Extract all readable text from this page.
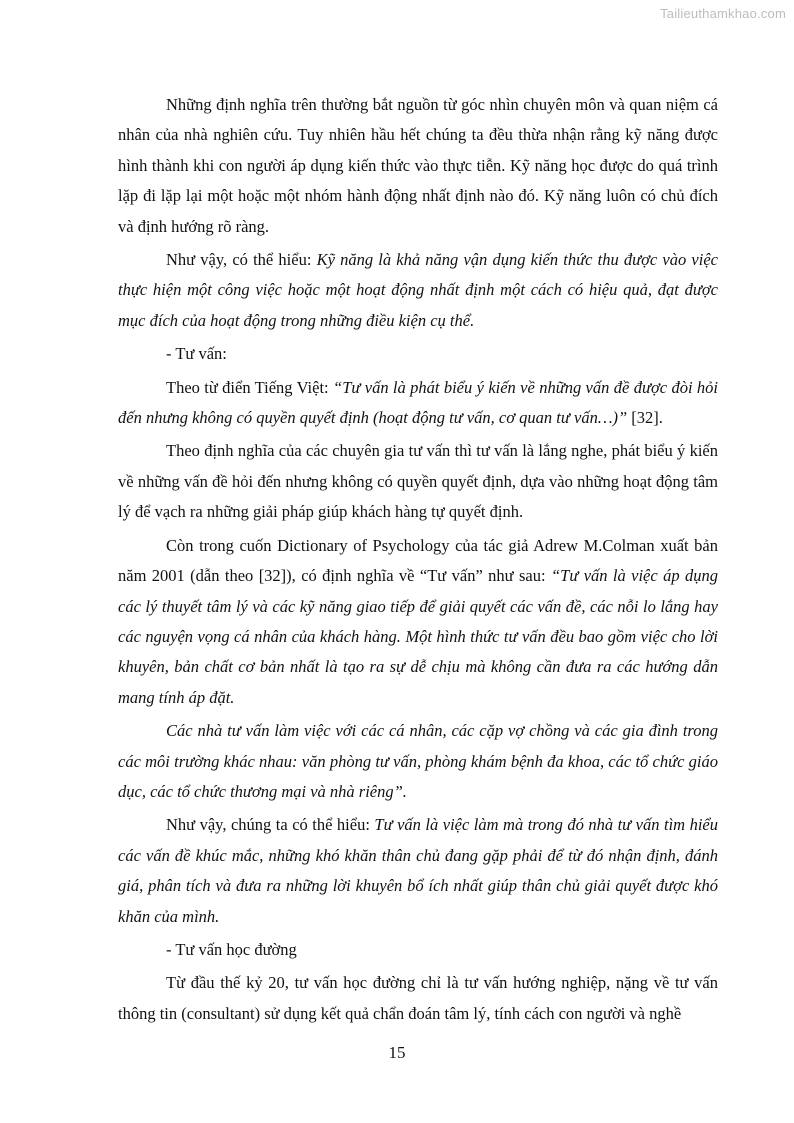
Tailieuthamkhao.com

Những định nghĩa trên thường bắt nguồn từ góc nhìn chuyên môn và quan niệm cá nhân của nhà nghiên cứu. Tuy nhiên hầu hết chúng ta đều thừa nhận rằng kỹ năng được hình thành khi con người áp dụng kiến thức vào thực tiễn. Kỹ năng học được do quá trình lặp đi lặp lại một hoặc một nhóm hành động nhất định nào đó. Kỹ năng luôn có chủ đích và định hướng rõ ràng.

Như vậy, có thể hiểu: Kỹ năng là khả năng vận dụng kiến thức thu được vào việc thực hiện một công việc hoặc một hoạt động nhất định một cách có hiệu quả, đạt được mục đích của hoạt động trong những điều kiện cụ thể.

- Tư vấn:

Theo từ điển Tiếng Việt: “Tư vấn là phát biểu ý kiến về những vấn đề được đòi hỏi đến nhưng không có quyền quyết định (hoạt động tư vấn, cơ quan tư vấn…)” [32].

Theo định nghĩa của các chuyên gia tư vấn thì tư vấn là lắng nghe, phát biểu ý kiến về những vấn đề hỏi đến nhưng không có quyền quyết định, dựa vào những hoạt động tâm lý để vạch ra những giải pháp giúp khách hàng tự quyết định.

Còn trong cuốn Dictionary of Psychology của tác giả Adrew M.Colman xuất bản năm 2001 (dẫn theo [32]), có định nghĩa về “Tư vấn” như sau: “Tư vấn là việc áp dụng các lý thuyết tâm lý và các kỹ năng giao tiếp để giải quyết các vấn đề, các nỗi lo lắng hay các nguyện vọng cá nhân của khách hàng. Một hình thức tư vấn đều bao gồm việc cho lời khuyên, bản chất cơ bản nhất là tạo ra sự dễ chịu mà không cần đưa ra các hướng dẫn mang tính áp đặt.

Các nhà tư vấn làm việc với các cá nhân, các cặp vợ chồng và các gia đình trong các môi trường khác nhau: văn phòng tư vấn, phòng khám bệnh đa khoa, các tổ chức giáo dục, các tổ chức thương mại và nhà riêng”.

Như vậy, chúng ta có thể hiểu: Tư vấn là việc làm mà trong đó nhà tư vấn tìm hiểu các vấn đề khúc mắc, những khó khăn thân chủ đang gặp phải để từ đó nhận định, đánh giá, phân tích và đưa ra những lời khuyên bổ ích nhất giúp thân chủ giải quyết được khó khăn của mình.

- Tư vấn học đường

Từ đầu thế kỷ 20, tư vấn học đường chỉ là tư vấn hướng nghiệp, nặng về tư vấn thông tin (consultant) sử dụng kết quả chẩn đoán tâm lý, tính cách con người và nghề

15
